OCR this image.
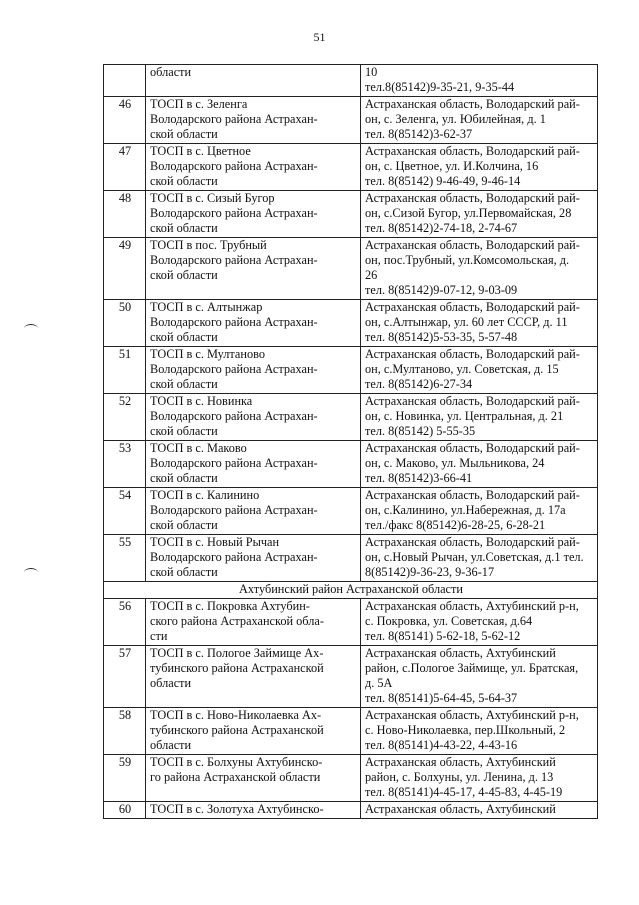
51

	области	10
тел.8(85142)9-35-21, 9-35-44

46	ТОСП в с. Зеленга
Володарского района Астрахан-
ской области	Астраханская область, Володарский рай-
он, с. Зеленга, ул. Юбилейная, д. 1
тел. 8(85142)3-62-37

47	ТОСП в с. Цветное
Володарского района Астрахан-
ской области	Астраханская область, Володарский рай-
он, с. Цветное, ул. И.Колчина, 16
тел. 8(85142) 9-46-49, 9-46-14

48	ТОСП в с. Сизый Бугор
Володарского района Астрахан-
ской области	Астраханская область, Володарский рай-
он, с.Сизой Бугор, ул.Первомайская, 28
тел. 8(85142)2-74-18, 2-74-67

49	ТОСП в пос. Трубный
Володарского района Астрахан-
ской области	Астраханская область, Володарский рай-
он, пос.Трубный, ул.Комсомольская, д.
26
тел. 8(85142)9-07-12, 9-03-09

50	ТОСП в с. Алтынжар
Володарского района Астрахан-
ской области	Астраханская область, Володарский рай-
он, с.Алтынжар, ул. 60 лет СССР, д. 11
тел. 8(85142)5-53-35, 5-57-48

51	ТОСП в с. Мултаново
Володарского района Астрахан-
ской области	Астраханская область, Володарский рай-
он, с.Мултаново, ул. Советская, д. 15
тел. 8(85142)6-27-34

52	ТОСП в с. Новинка
Володарского района Астрахан-
ской области	Астраханская область, Володарский рай-
он, с. Новинка, ул. Центральная, д. 21
тел. 8(85142) 5-55-35

53	ТОСП в с. Маково
Володарского района Астрахан-
ской области	Астраханская область, Володарский рай-
он, с. Маково, ул. Мыльникова, 24
тел. 8(85142)3-66-41

54	ТОСП в с. Калинино
Володарского района Астрахан-
ской области	Астраханская область, Володарский рай-
он, с.Калинино, ул.Набережная, д. 17а
тел./факс 8(85142)6-28-25, 6-28-21

55	ТОСП в с. Новый Рычан
Володарского района Астрахан-
ской области	Астраханская область, Володарский рай-
он, с.Новый Рычан, ул.Советская, д.1 тел.
8(85142)9-36-23, 9-36-17

Ахтубинский район Астраханской области		
56	ТОСП в с. Покровка Ахтубин-
ского района Астраханской обла-
сти	Астраханская область, Ахтубинский р-н,
с. Покровка, ул. Советская, д.64
тел. 8(85141) 5-62-18, 5-62-12

57	ТОСП в с. Пологое Займище Ах-
тубинского района Астраханской
области	Астраханская область, Ахтубинский
район, с.Пологое Займище, ул. Братская,
д. 5А
тел. 8(85141)5-64-45, 5-64-37

58	ТОСП в с. Ново-Николаевка Ах-
тубинского района Астраханской
области	Астраханская область, Ахтубинский р-н,
с. Ново-Николаевка, пер.Школьный, 2
тел. 8(85141)4-43-22, 4-43-16

59	ТОСП в с. Болхуны Ахтубинско-
го района Астраханской области	Астраханская область, Ахтубинский
район, с. Болхуны, ул. Ленина, д. 13
тел. 8(85141)4-45-17, 4-45-83, 4-45-19

60	ТОСП в с. Золотуха Ахтубинско-	Астраханская область, Ахтубинский
